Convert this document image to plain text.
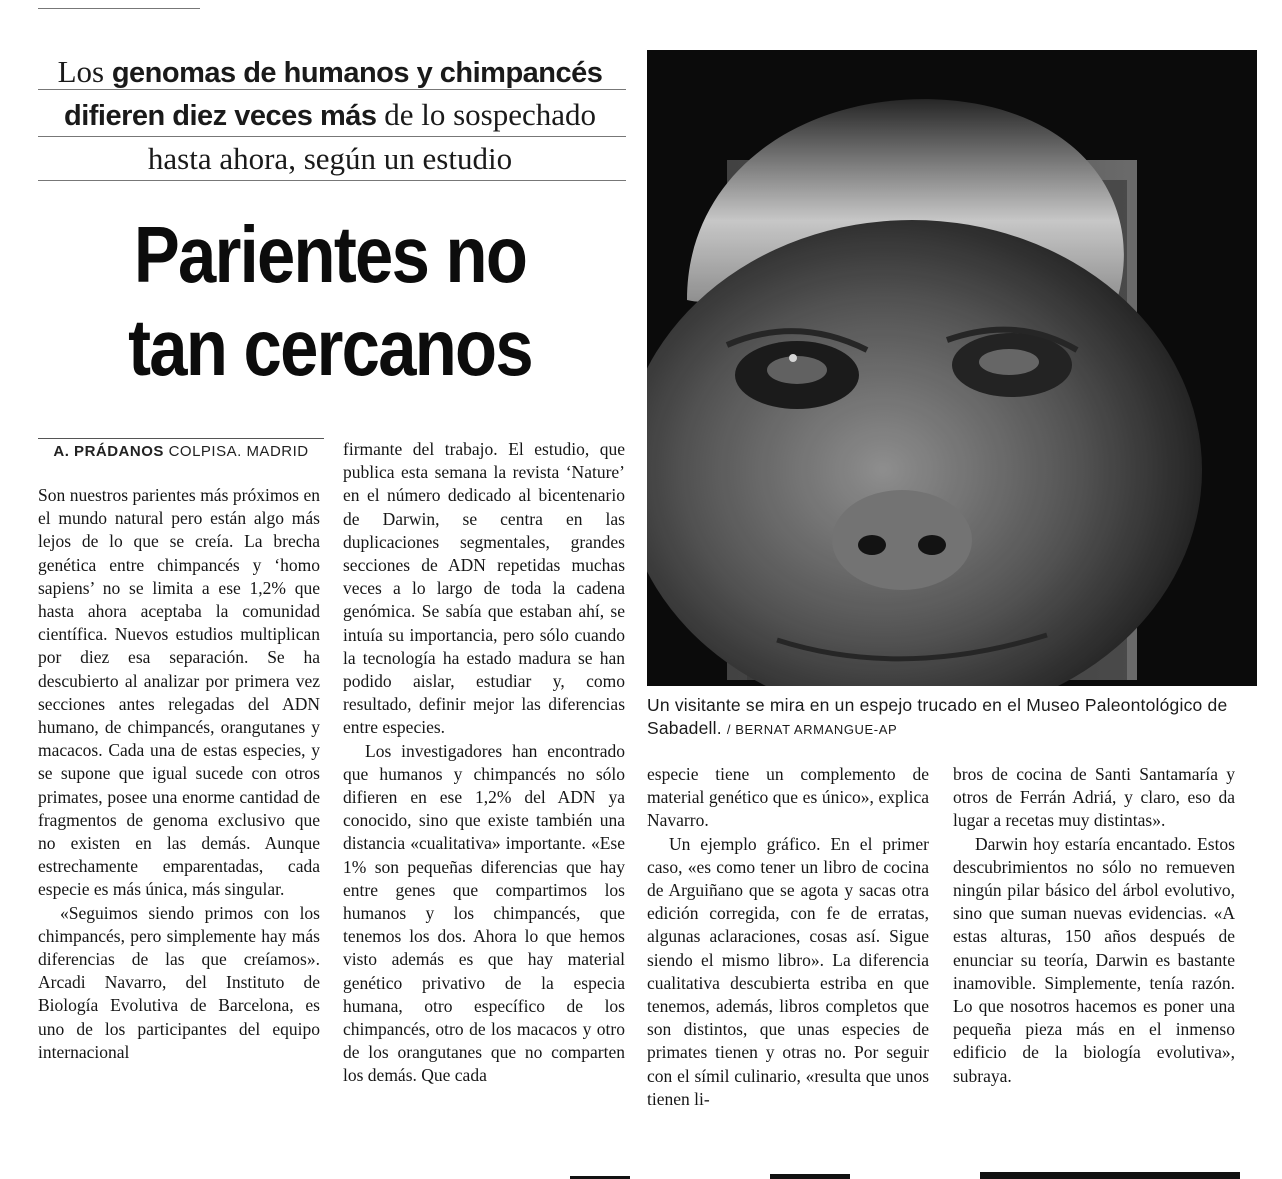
Los genomas de humanos y chimpancés
difieren diez veces más de lo sospechado
hasta ahora, según un estudio
Parientes no
tan cercanos
A. PRÁDANOS COLPISA. MADRID

Son nuestros parientes más próximos en el mundo natural pero están algo más lejos de lo que se creía. La brecha genética entre chimpancés y ‘homo sapiens’ no se limita a ese 1,2% que hasta ahora aceptaba la comunidad científica. Nuevos estudios multiplican por diez esa separación. Se ha descubierto al analizar por primera vez secciones antes relegadas del ADN humano, de chimpancés, orangutanes y macacos. Cada una de estas especies, y se supone que igual sucede con otros primates, posee una enorme cantidad de fragmentos de genoma exclusivo que no existen en las demás. Aunque estrechamente emparentadas, cada especie es más única, más singular.

«Seguimos siendo primos con los chimpancés, pero simplemente hay más diferencias de las que creíamos». Arcadi Navarro, del Instituto de Biología Evolutiva de Barcelona, es uno de los participantes del equipo internacional

firmante del trabajo. El estudio, que publica esta semana la revista ‘Nature’ en el número dedicado al bicentenario de Darwin, se centra en las duplicaciones segmentales, grandes secciones de ADN repetidas muchas veces a lo largo de toda la cadena genómica. Se sabía que estaban ahí, se intuía su importancia, pero sólo cuando la tecnología ha estado madura se han podido aislar, estudiar y, como resultado, definir mejor las diferencias entre especies.

Los investigadores han encontrado que humanos y chimpancés no sólo difieren en ese 1,2% del ADN ya conocido, sino que existe también una distancia «cualitativa» importante. «Ese 1% son pequeñas diferencias que hay entre genes que compartimos los humanos y los chimpancés, que tenemos los dos. Ahora lo que hemos visto además es que hay material genético privativo de la especia humana, otro específico de los chimpancés, otro de los macacos y otro de los orangutanes que no comparten los demás. Que cada

Un visitante se mira en un espejo trucado en el Museo Paleontológico de Sabadell. / BERNAT ARMANGUE-AP

especie tiene un complemento de material genético que es único», explica Navarro.

Un ejemplo gráfico. En el primer caso, «es como tener un libro de cocina de Arguiñano que se agota y sacas otra edición corregida, con fe de erratas, algunas aclaraciones, cosas así. Sigue siendo el mismo libro». La diferencia cualitativa descubierta estriba en que tenemos, además, libros completos que son distintos, que unas especies de primates tienen y otras no. Por seguir con el símil culinario, «resulta que unos tienen li-

bros de cocina de Santi Santamaría y otros de Ferrán Adriá, y claro, eso da lugar a recetas muy distintas».

Darwin hoy estaría encantado. Estos descubrimientos no sólo no remueven ningún pilar básico del árbol evolutivo, sino que suman nuevas evidencias. «A estas alturas, 150 años después de enunciar su teoría, Darwin es bastante inamovible. Simplemente, tenía razón. Lo que nosotros hacemos es poner una pequeña pieza más en el inmenso edificio de la biología evolutiva», subraya.
